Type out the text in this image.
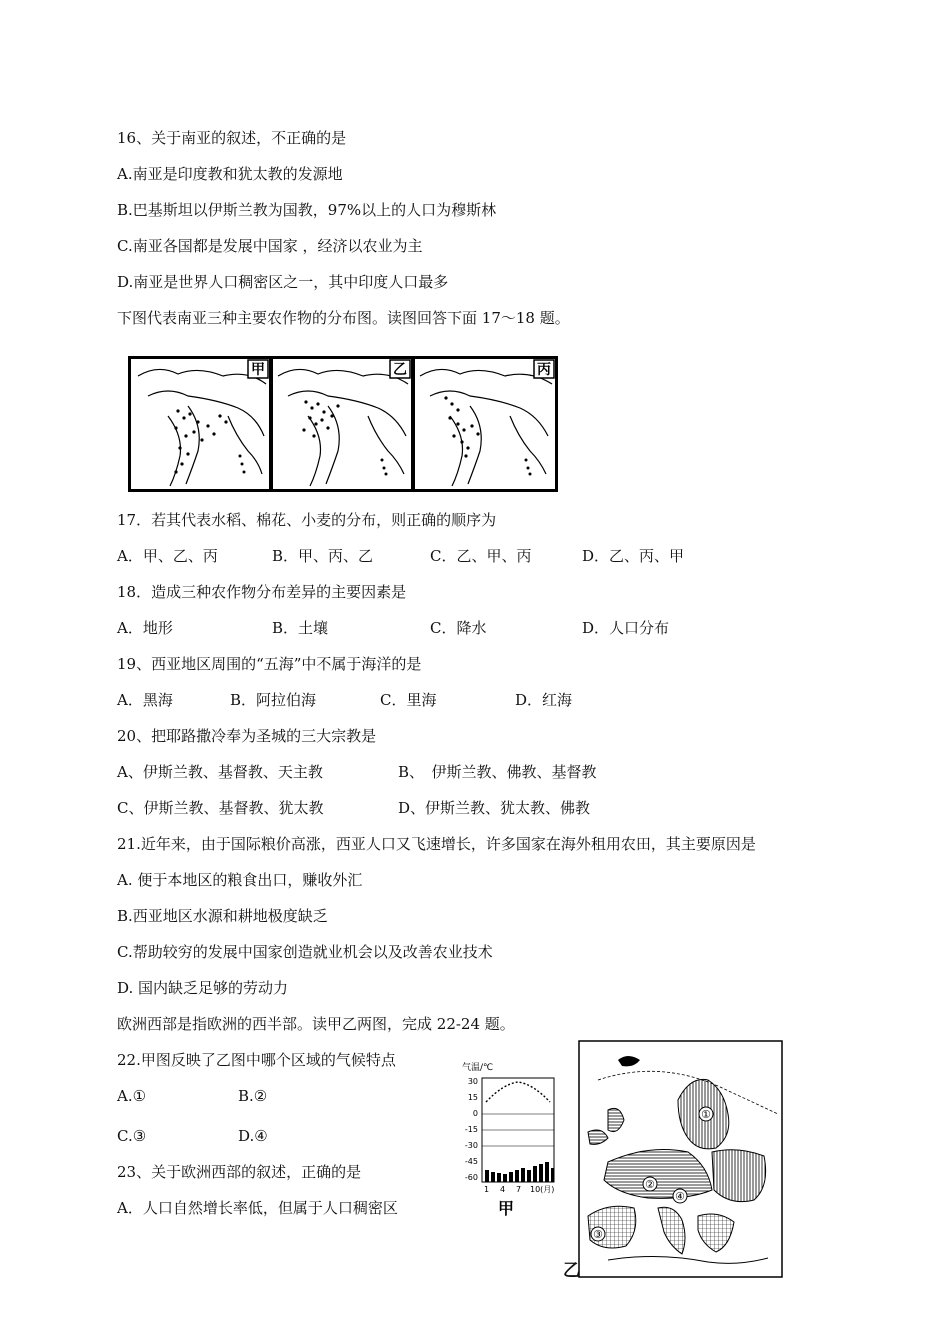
16、关于南亚的叙述，不正确的是
A.南亚是印度教和犹太教的发源地
B.巴基斯坦以伊斯兰教为国教，97%以上的人口为穆斯林
C.南亚各国都是发展中国家 ，经济以农业为主
D.南亚是世界人口稠密区之一，其中印度人口最多
下图代表南亚三种主要农作物的分布图。读图回答下面 17～18 题。
甲	乙	丙
17．若其代表水稻、棉花、小麦的分布，则正确的顺序为
A．甲、乙、丙	B．甲、丙、乙	C．乙、甲、丙	D．乙、丙、甲
18．造成三种农作物分布差异的主要因素是
A．地形	B．土壤	C．降水	D．人口分布
19、西亚地区周围的“五海”中不属于海洋的是
A．黑海	B．阿拉伯海	C．里海	D．红海
20、把耶路撒冷奉为圣城的三大宗教是
A、伊斯兰教、基督教、天主教	B、　伊斯兰教、佛教、基督教
C、伊斯兰教、基督教、犹太教	D、伊斯兰教、犹太教、佛教
21.近年来，由于国际粮价高涨，西亚人口又飞速增长，许多国家在海外租用农田，其主要原因是
A. 便于本地区的粮食出口，赚收外汇
B.西亚地区水源和耕地极度缺乏
C.帮助较穷的发展中国家创造就业机会以及改善农业技术
D. 国内缺乏足够的劳动力
欧洲西部是指欧洲的西半部。读甲乙两图，完成 22-24 题。
22.甲图反映了乙图中哪个区域的气候特点
A.①	B.②
C.③	D.④
23、关于欧洲西部的叙述，正确的是
A．人口自然增长率低，但属于人口稠密区
气温/℃
30
15
0
-15
-30
-45
-60
1 4 7 10(月)
甲
①
②
③
④
乙
